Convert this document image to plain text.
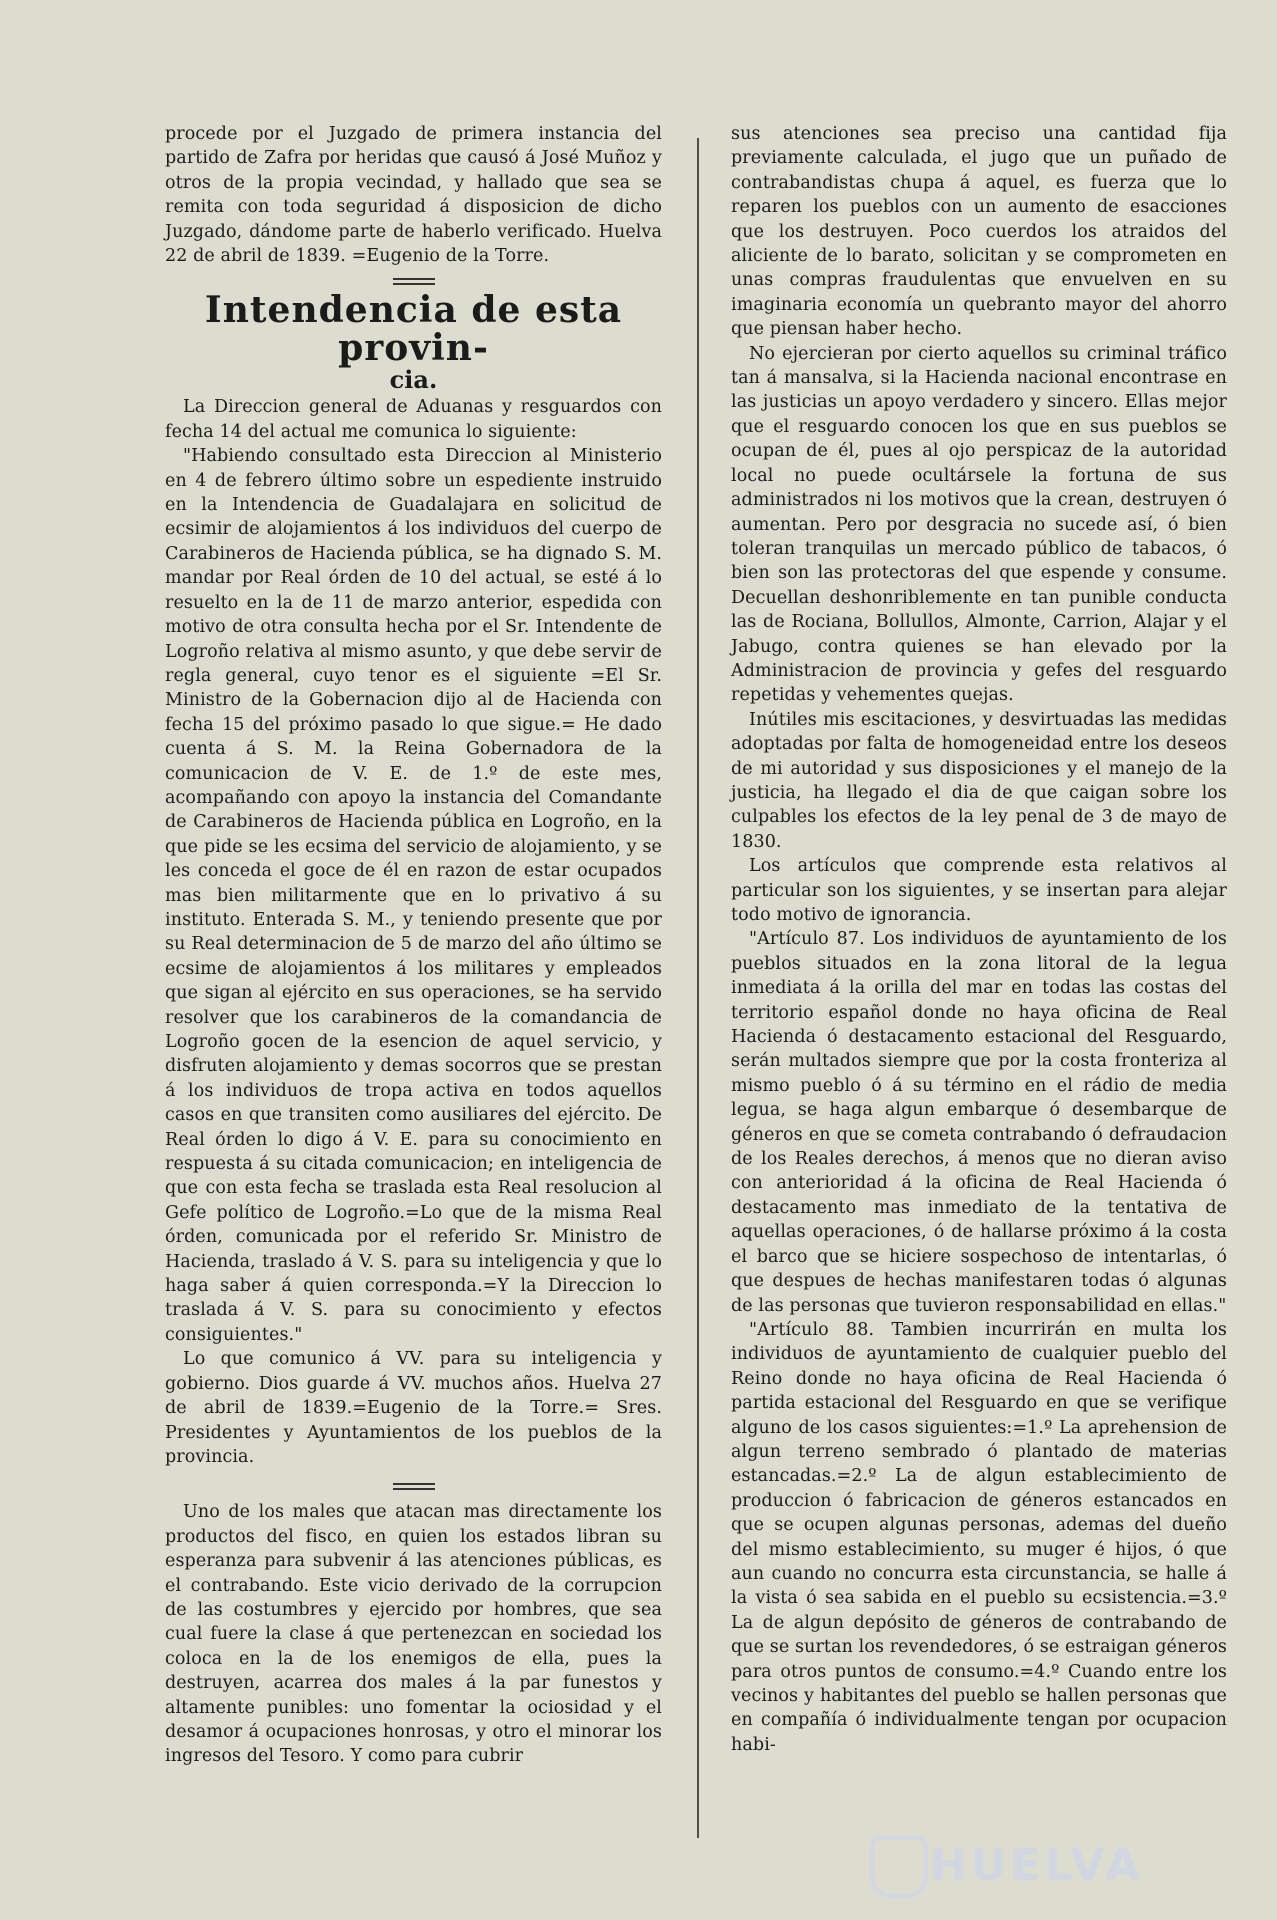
procede por el Juzgado de primera instancia del partido de Zafra por heridas que causó á José Muñoz y otros de la propia vecindad, y hallado que sea se remita con toda seguridad á disposicion de dicho Juzgado, dándome parte de haberlo verificado. Huelva 22 de abril de 1839. =Eugenio de la Torre.

Intendencia de esta provin-
cia.

La Direccion general de Aduanas y resguardos con fecha 14 del actual me comunica lo siguiente:

"Habiendo consultado esta Direccion al Ministerio en 4 de febrero último sobre un espediente instruido en la Intendencia de Guadalajara en solicitud de ecsimir de alojamientos á los individuos del cuerpo de Carabineros de Hacienda pública, se ha dignado S. M. mandar por Real órden de 10 del actual, se esté á lo resuelto en la de 11 de marzo anterior, espedida con motivo de otra consulta hecha por el Sr. Intendente de Logroño relativa al mismo asunto, y que debe servir de regla general, cuyo tenor es el siguiente =El Sr. Ministro de la Gobernacion dijo al de Hacienda con fecha 15 del próximo pasado lo que sigue.= He dado cuenta á S. M. la Reina Gobernadora de la comunicacion de V. E. de 1.º de este mes, acompañando con apoyo la instancia del Comandante de Carabineros de Hacienda pública en Logroño, en la que pide se les ecsima del servicio de alojamiento, y se les conceda el goce de él en razon de estar ocupados mas bien militarmente que en lo privativo á su instituto. Enterada S. M., y teniendo presente que por su Real determinacion de 5 de marzo del año último se ecsime de alojamientos á los militares y empleados que sigan al ejército en sus operaciones, se ha servido resolver que los carabineros de la comandancia de Logroño gocen de la esencion de aquel servicio, y disfruten alojamiento y demas socorros que se prestan á los individuos de tropa activa en todos aquellos casos en que transiten como ausiliares del ejército. De Real órden lo digo á V. E. para su conocimiento en respuesta á su citada comunicacion; en inteligencia de que con esta fecha se traslada esta Real resolucion al Gefe político de Logroño.=Lo que de la misma Real órden, comunicada por el referido Sr. Ministro de Hacienda, traslado á V. S. para su inteligencia y que lo haga saber á quien corresponda.=Y la Direccion lo traslada á V. S. para su conocimiento y efectos consiguientes."

Lo que comunico á VV. para su inteligencia y gobierno. Dios guarde á VV. muchos años. Huelva 27 de abril de 1839.=Eugenio de la Torre.= Sres. Presidentes y Ayuntamientos de los pueblos de la provincia.

Uno de los males que atacan mas directamente los productos del fisco, en quien los estados libran su esperanza para subvenir á las atenciones públicas, es el contrabando. Este vicio derivado de la corrupcion de las costumbres y ejercido por hombres, que sea cual fuere la clase á que pertenezcan en sociedad los coloca en la de los enemigos de ella, pues la destruyen, acarrea dos males á la par funestos y altamente punibles: uno fomentar la ociosidad y el desamor á ocupaciones honrosas, y otro el minorar los ingresos del Tesoro. Y como para cubrir

sus atenciones sea preciso una cantidad fija previamente calculada, el jugo que un puñado de contrabandistas chupa á aquel, es fuerza que lo reparen los pueblos con un aumento de esacciones que los destruyen. Poco cuerdos los atraidos del aliciente de lo barato, solicitan y se comprometen en unas compras fraudulentas que envuelven en su imaginaria economía un quebranto mayor del ahorro que piensan haber hecho.

No ejercieran por cierto aquellos su criminal tráfico tan á mansalva, si la Hacienda nacional encontrase en las justicias un apoyo verdadero y sincero. Ellas mejor que el resguardo conocen los que en sus pueblos se ocupan de él, pues al ojo perspicaz de la autoridad local no puede ocultársele la fortuna de sus administrados ni los motivos que la crean, destruyen ó aumentan. Pero por desgracia no sucede así, ó bien toleran tranquilas un mercado público de tabacos, ó bien son las protectoras del que espende y consume. Decuellan deshonriblemente en tan punible conducta las de Rociana, Bollullos, Almonte, Carrion, Alajar y el Jabugo, contra quienes se han elevado por la Administracion de provincia y gefes del resguardo repetidas y vehementes quejas.

Inútiles mis escitaciones, y desvirtuadas las medidas adoptadas por falta de homogeneidad entre los deseos de mi autoridad y sus disposiciones y el manejo de la justicia, ha llegado el dia de que caigan sobre los culpables los efectos de la ley penal de 3 de mayo de 1830.

Los artículos que comprende esta relativos al particular son los siguientes, y se insertan para alejar todo motivo de ignorancia.

"Artículo 87. Los individuos de ayuntamiento de los pueblos situados en la zona litoral de la legua inmediata á la orilla del mar en todas las costas del territorio español donde no haya oficina de Real Hacienda ó destacamento estacional del Resguardo, serán multados siempre que por la costa fronteriza al mismo pueblo ó á su término en el rádio de media legua, se haga algun embarque ó desembarque de géneros en que se cometa contrabando ó defraudacion de los Reales derechos, á menos que no dieran aviso con anterioridad á la oficina de Real Hacienda ó destacamento mas inmediato de la tentativa de aquellas operaciones, ó de hallarse próximo á la costa el barco que se hiciere sospechoso de intentarlas, ó que despues de hechas manifestaren todas ó algunas de las personas que tuvieron responsabilidad en ellas."

"Artículo 88. Tambien incurrirán en multa los individuos de ayuntamiento de cualquier pueblo del Reino donde no haya oficina de Real Hacienda ó partida estacional del Resguardo en que se verifique alguno de los casos siguientes:=1.º La aprehension de algun terreno sembrado ó plantado de materias estancadas.=2.º La de algun establecimiento de produccion ó fabricacion de géneros estancados en que se ocupen algunas personas, ademas del dueño del mismo establecimiento, su muger é hijos, ó que aun cuando no concurra esta circunstancia, se halle á la vista ó sea sabida en el pueblo su ecsistencia.=3.º La de algun depósito de géneros de contrabando de que se surtan los revendedores, ó se estraigan géneros para otros puntos de consumo.=4.º Cuando entre los vecinos y habitantes del pueblo se hallen personas que en compañía ó individualmente tengan por ocupacion habi-

HUELVA
